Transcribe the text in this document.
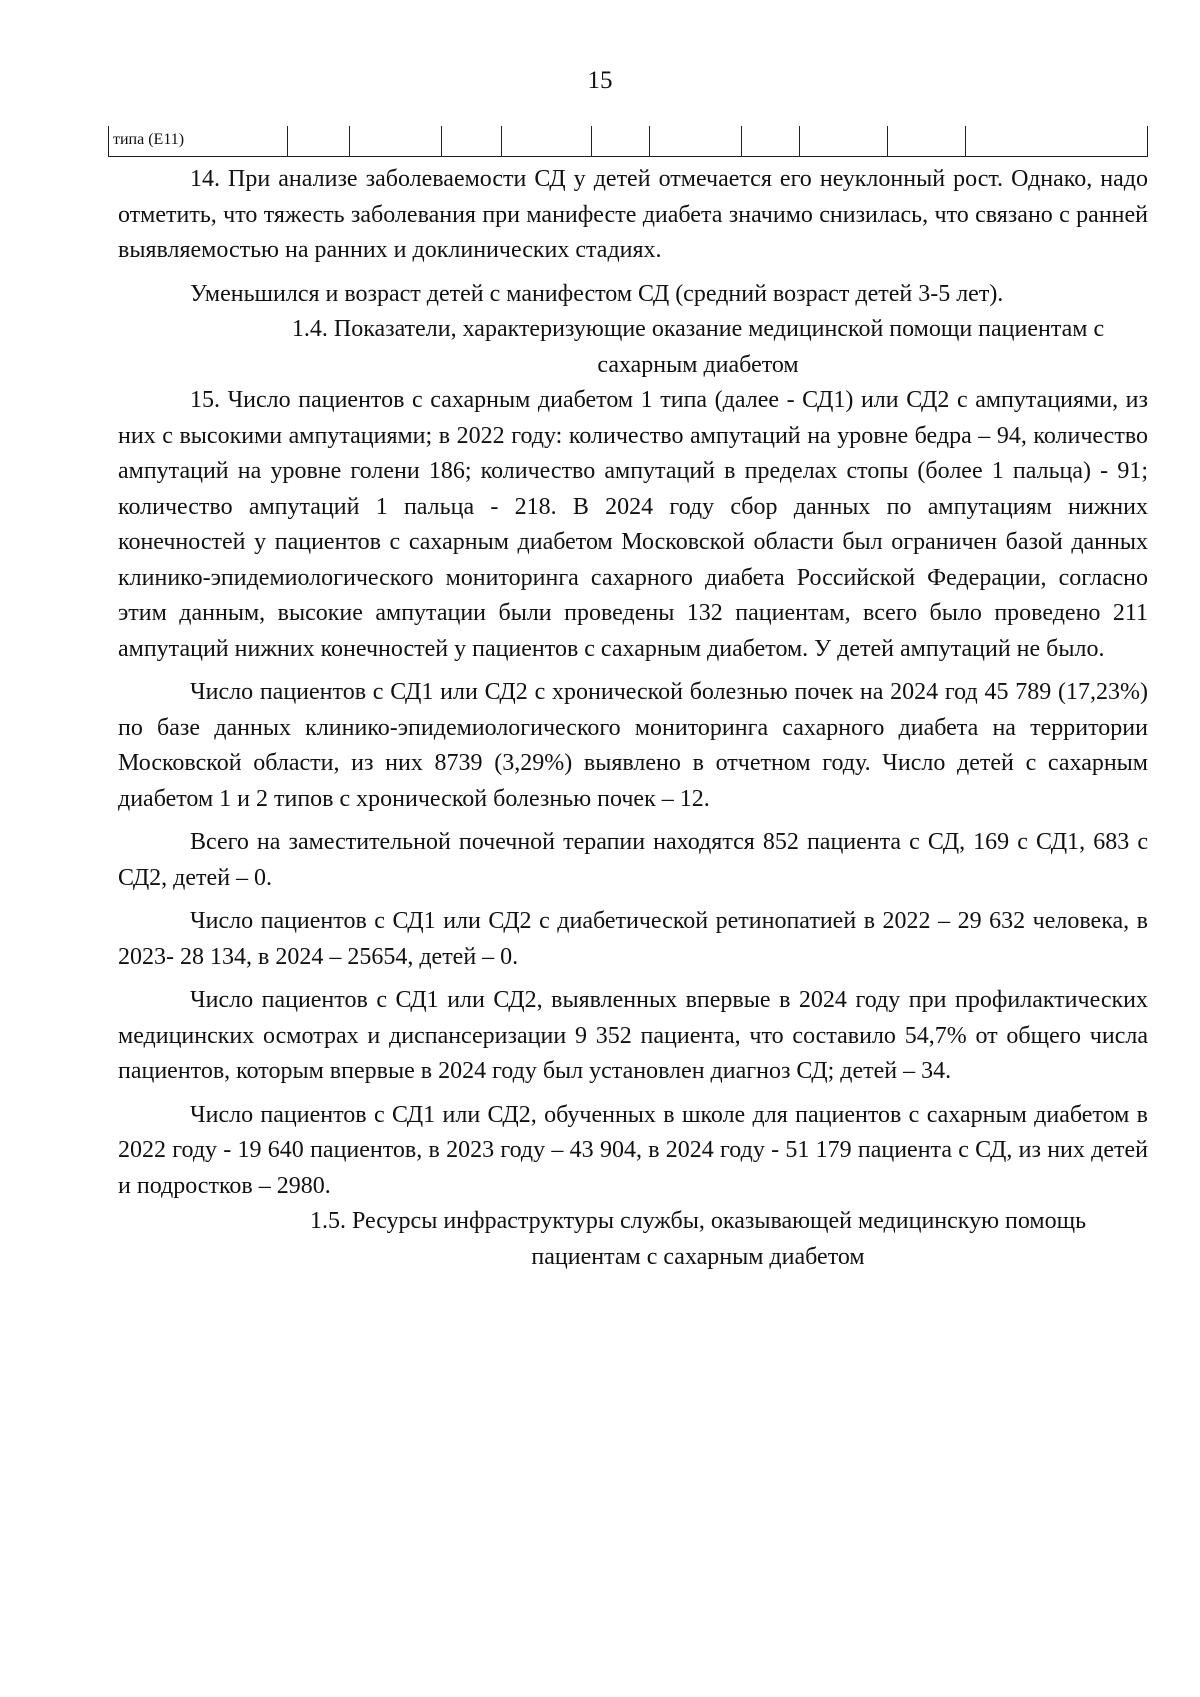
15
типа (Е11)

14. При анализе заболеваемости СД у детей отмечается его неуклонный рост. Однако, надо отметить, что тяжесть заболевания при манифесте диабета значимо снизилась, что связано с ранней выявляемостью на ранних и доклинических стадиях.

Уменьшился и возраст детей с манифестом СД (средний возраст детей 3-5 лет).

1.4. Показатели, характеризующие оказание медицинской помощи пациентам с сахарным диабетом

15. Число пациентов с сахарным диабетом 1 типа (далее - СД1) или СД2 с ампутациями, из них с высокими ампутациями; в 2022 году: количество ампутаций на уровне бедра – 94, количество ампутаций на уровне голени 186; количество ампутаций в пределах стопы (более 1 пальца) - 91; количество ампутаций 1 пальца - 218. В 2024 году сбор данных по ампутациям нижних конечностей у пациентов с сахарным диабетом Московской области был ограничен базой данных клинико-эпидемиологического мониторинга сахарного диабета Российской Федерации, согласно этим данным, высокие ампутации были проведены 132 пациентам, всего было проведено 211 ампутаций нижних конечностей у пациентов с сахарным диабетом. У детей ампутаций не было.

Число пациентов с СД1 или СД2 с хронической болезнью почек на 2024 год 45 789 (17,23%) по базе данных клинико-эпидемиологического мониторинга сахарного диабета на территории Московской области, из них 8739 (3,29%) выявлено в отчетном году. Число детей с сахарным диабетом 1 и 2 типов с хронической болезнью почек – 12.

Всего на заместительной почечной терапии находятся 852 пациента с СД, 169 с СД1, 683 с СД2, детей – 0.

Число пациентов с СД1 или СД2 с диабетической ретинопатией в 2022 – 29 632 человека, в 2023- 28 134, в 2024 – 25654, детей – 0.

Число пациентов с СД1 или СД2, выявленных впервые в 2024 году при профилактических медицинских осмотрах и диспансеризации 9 352 пациента, что составило 54,7% от общего числа пациентов, которым впервые в 2024 году был установлен диагноз СД; детей – 34.

Число пациентов с СД1 или СД2, обученных в школе для пациентов с сахарным диабетом в 2022 году - 19 640 пациентов, в 2023 году – 43 904, в 2024 году - 51 179 пациента с СД, из них детей и подростков – 2980.

1.5. Ресурсы инфраструктуры службы, оказывающей медицинскую помощь пациентам с сахарным диабетом
